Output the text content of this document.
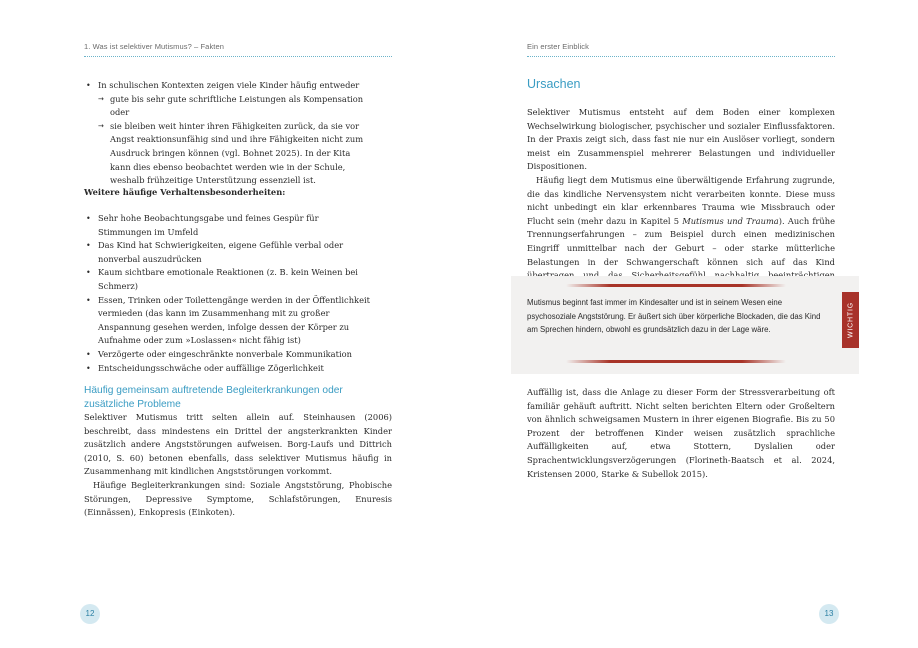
1. Was ist selektiver Mutismus? – Fakten
• In schulischen Kontexten zeigen viele Kinder häufig entweder
→ gute bis sehr gute schriftliche Leistungen als Kompensation oder
→ sie bleiben weit hinter ihren Fähigkeiten zurück, da sie vor Angst reaktionsunfähig sind und ihre Fähigkeiten nicht zum Ausdruck bringen können (vgl. Bohnet 2025). In der Kita kann dies ebenso beobachtet werden wie in der Schule, weshalb frühzeitige Unterstützung essenziell ist.
Weitere häufige Verhaltensbesonderheiten:
• Sehr hohe Beobachtungsgabe und feines Gespür für Stimmungen im Umfeld
• Das Kind hat Schwierigkeiten, eigene Gefühle verbal oder nonverbal auszudrücken
• Kaum sichtbare emotionale Reaktionen (z. B. kein Weinen bei Schmerz)
• Essen, Trinken oder Toilettengänge werden in der Öffentlichkeit vermieden (das kann im Zusammenhang mit zu großer Anspannung gesehen werden, infolge dessen der Körper zu Aufnahme oder zum »Loslassen« nicht fähig ist)
• Verzögerte oder eingeschränkte nonverbale Kommunikation
• Entscheidungsschwäche oder auffällige Zögerlichkeit
Häufig gemeinsam auftretende Begleiterkrankungen oder zusätzliche Probleme
Selektiver Mutismus tritt selten allein auf. Steinhausen (2006) beschreibt, dass mindestens ein Drittel der angsterkrankten Kinder zusätzlich andere Angststörungen aufweisen. Borg-Laufs und Dittrich (2010, S. 60) betonen ebenfalls, dass selektiver Mutismus häufig in Zusammenhang mit kindlichen Angststörungen vorkommt.
Häufige Begleiterkrankungen sind: Soziale Angststörung, Phobische Störungen, Depressive Symptome, Schlafstörungen, Enuresis (Einnässen), Enkopresis (Einkoten).
12
Ein erster Einblick
Ursachen
Selektiver Mutismus entsteht auf dem Boden einer komplexen Wechselwirkung biologischer, psychischer und sozialer Einflussfaktoren. In der Praxis zeigt sich, dass fast nie nur ein Auslöser vorliegt, sondern meist ein Zusammenspiel mehrerer Belastungen und individueller Dispositionen.
Häufig liegt dem Mutismus eine überwältigende Erfahrung zugrunde, die das kindliche Nervensystem nicht verarbeiten konnte. Diese muss nicht unbedingt ein klar erkennbares Trauma wie Missbrauch oder Flucht sein (mehr dazu in Kapitel 5 Mutismus und Trauma). Auch frühe Trennungserfahrungen – zum Beispiel durch einen medizinischen Eingriff unmittelbar nach der Geburt – oder starke mütterliche Belastungen in der Schwangerschaft können sich auf das Kind
Auffällig ist, dass die Anlage zu dieser Form der Stressverarbeitung oft familiär gehäuft auftritt. Nicht selten berichten Eltern oder Großeltern von ähnlich schweigsamen Mustern in ihrer eigenen Biografie. Bis zu 50 Prozent der betroffenen Kinder weisen zusätzlich sprachliche Auffälligkeiten auf, etwa Stottern, Dyslalien oder Sprachentwicklungsverzögerungen (Florineth-Baatsch et al. 2024, Kristensen 2000, Starke & Subellok 2015).
13
Mutismus beginnt fast immer im Kindesalter und ist in seinem Wesen eine psychosoziale Angststörung. Er äußert sich über körperliche Blockaden, die das Kind am Sprechen hindern, obwohl es grundsätzlich dazu in der Lage wäre.	WICHTIG
